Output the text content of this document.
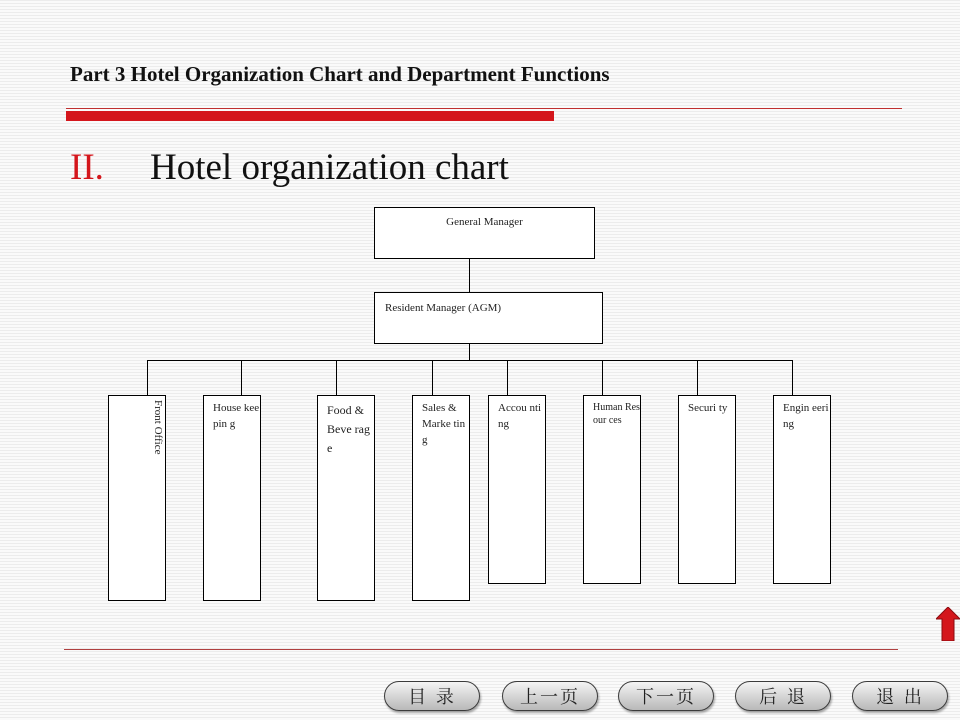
Part 3 Hotel Organization Chart and Department Functions
II. Hotel organization chart
General Manager
Resident Manager (AGM)
Front Office	House keepin g
Food & Beve rage
Sales & Marke ting
Accou nting
Human Resour ces
Securi ty	Engin eering
目 录	上一页	下一页	后 退	退 出
